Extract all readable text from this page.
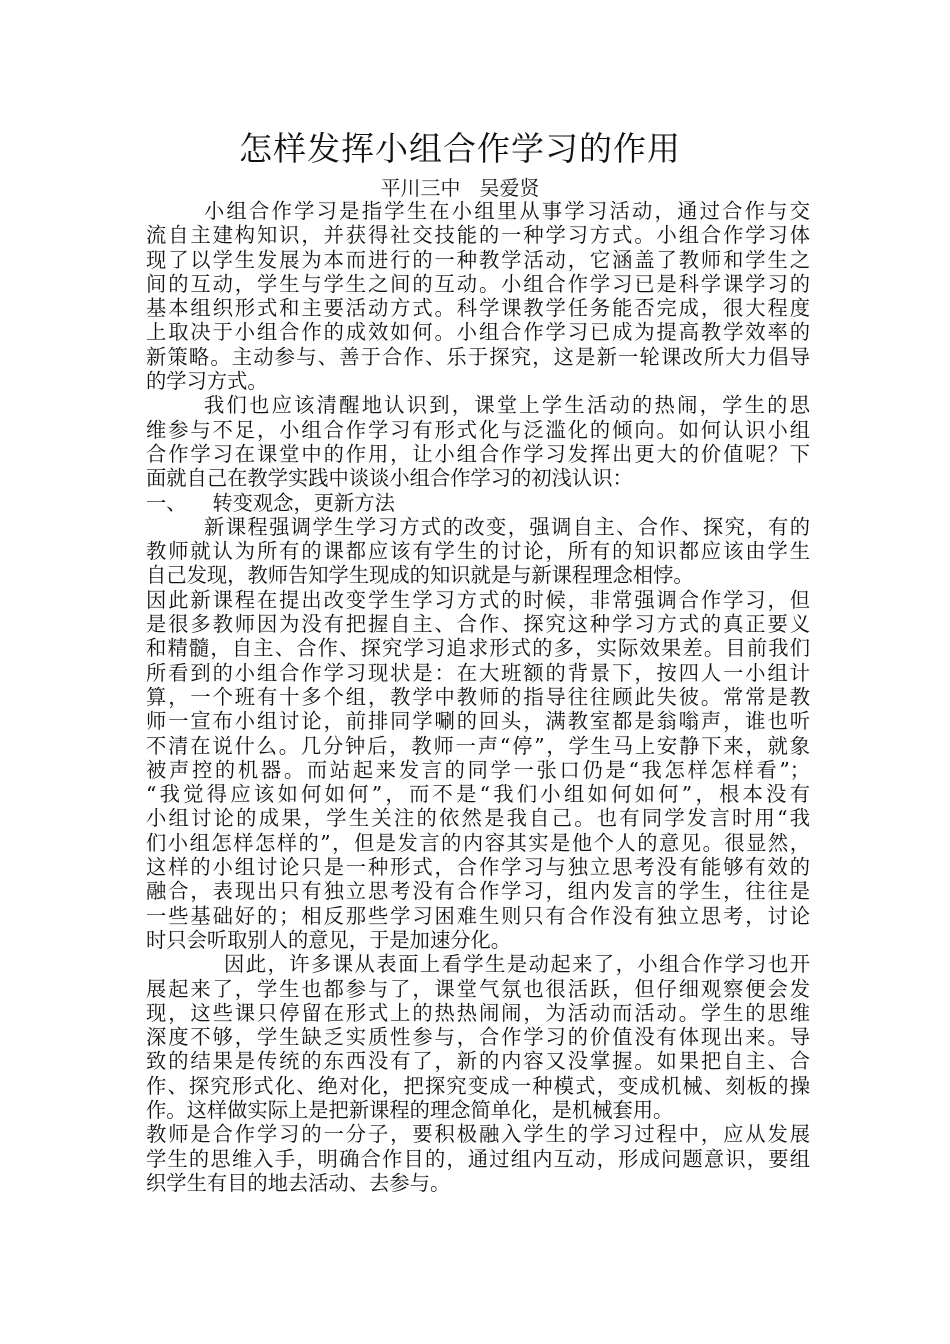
怎样发挥小组合作学习的作用
平川三中   吴爱贤
小组合作学习是指学生在小组里从事学习活动，通过合作与交
流自主建构知识，并获得社交技能的一种学习方式。小组合作学习体
现了以学生发展为本而进行的一种教学活动，它涵盖了教师和学生之
间的互动，学生与学生之间的互动。小组合作学习已是科学课学习的
基本组织形式和主要活动方式。科学课教学任务能否完成，很大程度
上取决于小组合作的成效如何。小组合作学习已成为提高教学效率的
新策略。主动参与、善于合作、乐于探究，这是新一轮课改所大力倡导
的学习方式。
我们也应该清醒地认识到，课堂上学生活动的热闹，学生的思
维参与不足，小组合作学习有形式化与泛滥化的倾向。如何认识小组
合作学习在课堂中的作用，让小组合作学习发挥出更大的价值呢？下
面就自己在教学实践中谈谈小组合作学习的初浅认识：
一、    转变观念，更新方法
新课程强调学生学习方式的改变，强调自主、合作、探究，有的
教师就认为所有的课都应该有学生的讨论，所有的知识都应该由学生
自己发现，教师告知学生现成的知识就是与新课程理念相悖。
因此新课程在提出改变学生学习方式的时候，非常强调合作学习，但
是很多教师因为没有把握自主、合作、探究这种学习方式的真正要义
和精髓，自主、合作、探究学习追求形式的多，实际效果差。目前我们
所看到的小组合作学习现状是：在大班额的背景下，按四人一小组计
算，一个班有十多个组，教学中教师的指导往往顾此失彼。常常是教
师一宣布小组讨论，前排同学唰的回头，满教室都是翁嗡声，谁也听
不清在说什么。几分钟后，教师一声“停”，学生马上安静下来，就象
被声控的机器。而站起来发言的同学一张口仍是“我怎样怎样看”；
“我觉得应该如何如何”，而不是“我们小组如何如何”，根本没有
小组讨论的成果，学生关注的依然是我自己。也有同学发言时用“我
们小组怎样怎样的”，但是发言的内容其实是他个人的意见。很显然，
这样的小组讨论只是一种形式，合作学习与独立思考没有能够有效的
融合，表现出只有独立思考没有合作学习，组内发言的学生，往往是
一些基础好的；相反那些学习困难生则只有合作没有独立思考，讨论
时只会听取别人的意见，于是加速分化。
因此，许多课从表面上看学生是动起来了，小组合作学习也开
展起来了，学生也都参与了，课堂气氛也很活跃，但仔细观察便会发
现，这些课只停留在形式上的热热闹闹，为活动而活动。学生的思维
深度不够，学生缺乏实质性参与，合作学习的价值没有体现出来。导
致的结果是传统的东西没有了，新的内容又没掌握。如果把自主、合
作、探究形式化、绝对化，把探究变成一种模式，变成机械、刻板的操
作。这样做实际上是把新课程的理念简单化，是机械套用。
教师是合作学习的一分子，要积极融入学生的学习过程中，应从发展
学生的思维入手，明确合作目的，通过组内互动，形成问题意识，要组
织学生有目的地去活动、去参与。
